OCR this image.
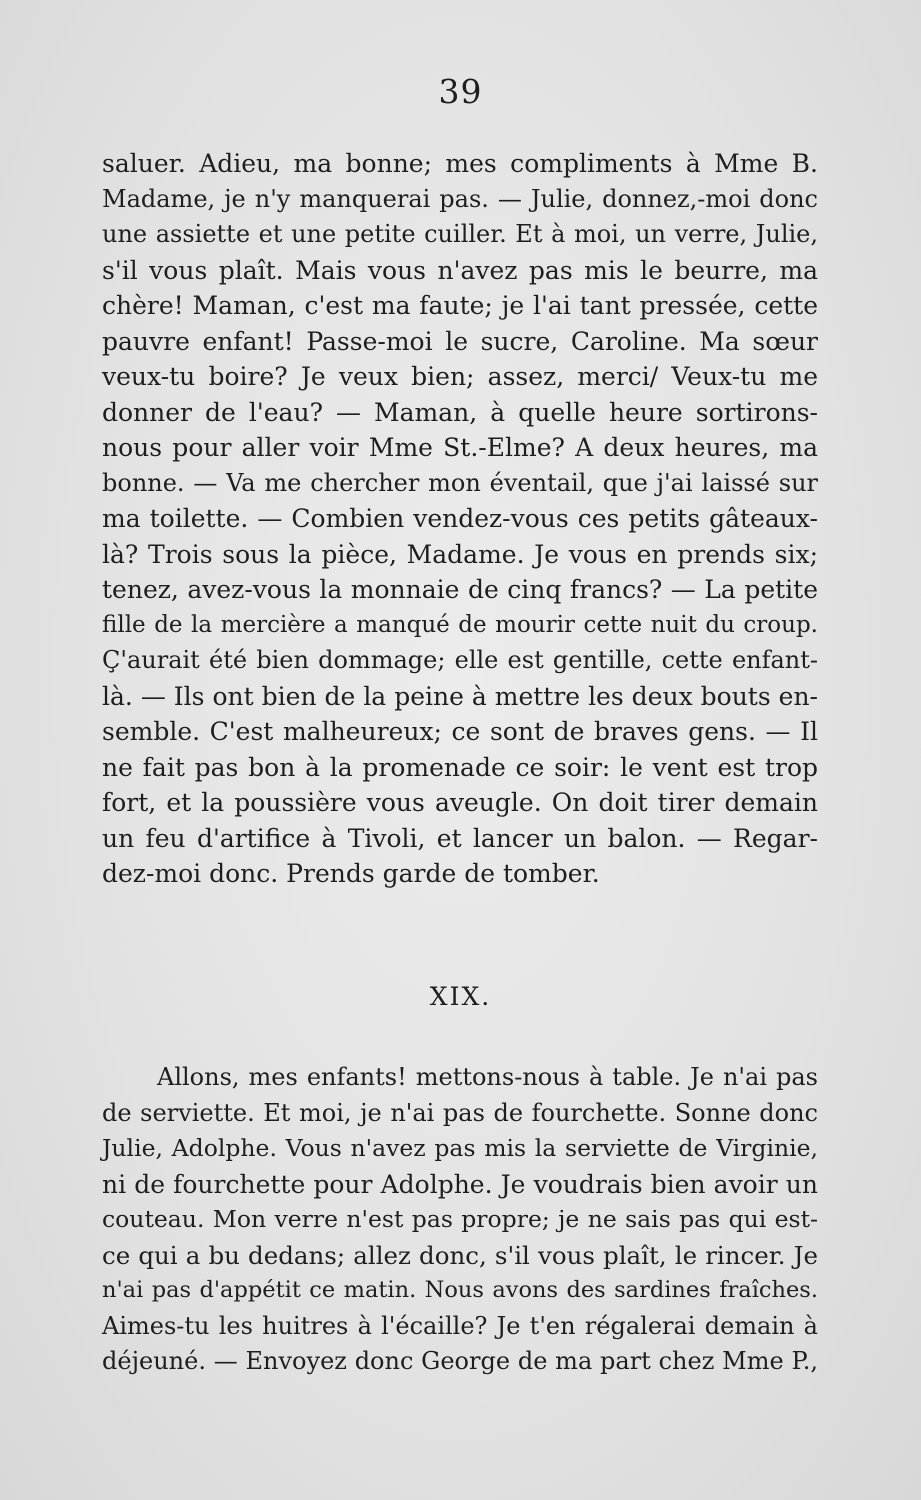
39
saluer. Adieu, ma bonne; mes compliments à Mme B.
Madame, je n'y manquerai pas. — Julie, donnez,-moi donc
une assiette et une petite cuiller. Et à moi, un verre, Julie,
s'il vous plaît. Mais vous n'avez pas mis le beurre, ma
chère! Maman, c'est ma faute; je l'ai tant pressée, cette
pauvre enfant! Passe-moi le sucre, Caroline. Ma sœur
veux-tu boire? Je veux bien; assez, merci/ Veux-tu me
donner de l'eau? — Maman, à quelle heure sortirons-
nous pour aller voir Mme St.-Elme? A deux heures, ma
bonne. — Va me chercher mon éventail, que j'ai laissé sur
ma toilette. — Combien vendez-vous ces petits gâteaux-
là? Trois sous la pièce, Madame. Je vous en prends six;
tenez, avez-vous la monnaie de cinq francs? — La petite
fille de la mercière a manqué de mourir cette nuit du croup.
Ç'aurait été bien dommage; elle est gentille, cette enfant-
là. — Ils ont bien de la peine à mettre les deux bouts en-
semble. C'est malheureux; ce sont de braves gens. — Il
ne fait pas bon à la promenade ce soir: le vent est trop
fort, et la poussière vous aveugle. On doit tirer demain
un feu d'artifice à Tivoli, et lancer un balon. — Regar-
dez-moi donc. Prends garde de tomber.
XIX.
Allons, mes enfants! mettons-nous à table. Je n'ai pas
de serviette. Et moi, je n'ai pas de fourchette. Sonne donc
Julie, Adolphe. Vous n'avez pas mis la serviette de Virginie,
ni de fourchette pour Adolphe. Je voudrais bien avoir un
couteau. Mon verre n'est pas propre; je ne sais pas qui est-
ce qui a bu dedans; allez donc, s'il vous plaît, le rincer. Je
n'ai pas d'appétit ce matin. Nous avons des sardines fraîches.
Aimes-tu les huitres à l'écaille? Je t'en régalerai demain à
déjeuné. — Envoyez donc George de ma part chez Mme P.,
